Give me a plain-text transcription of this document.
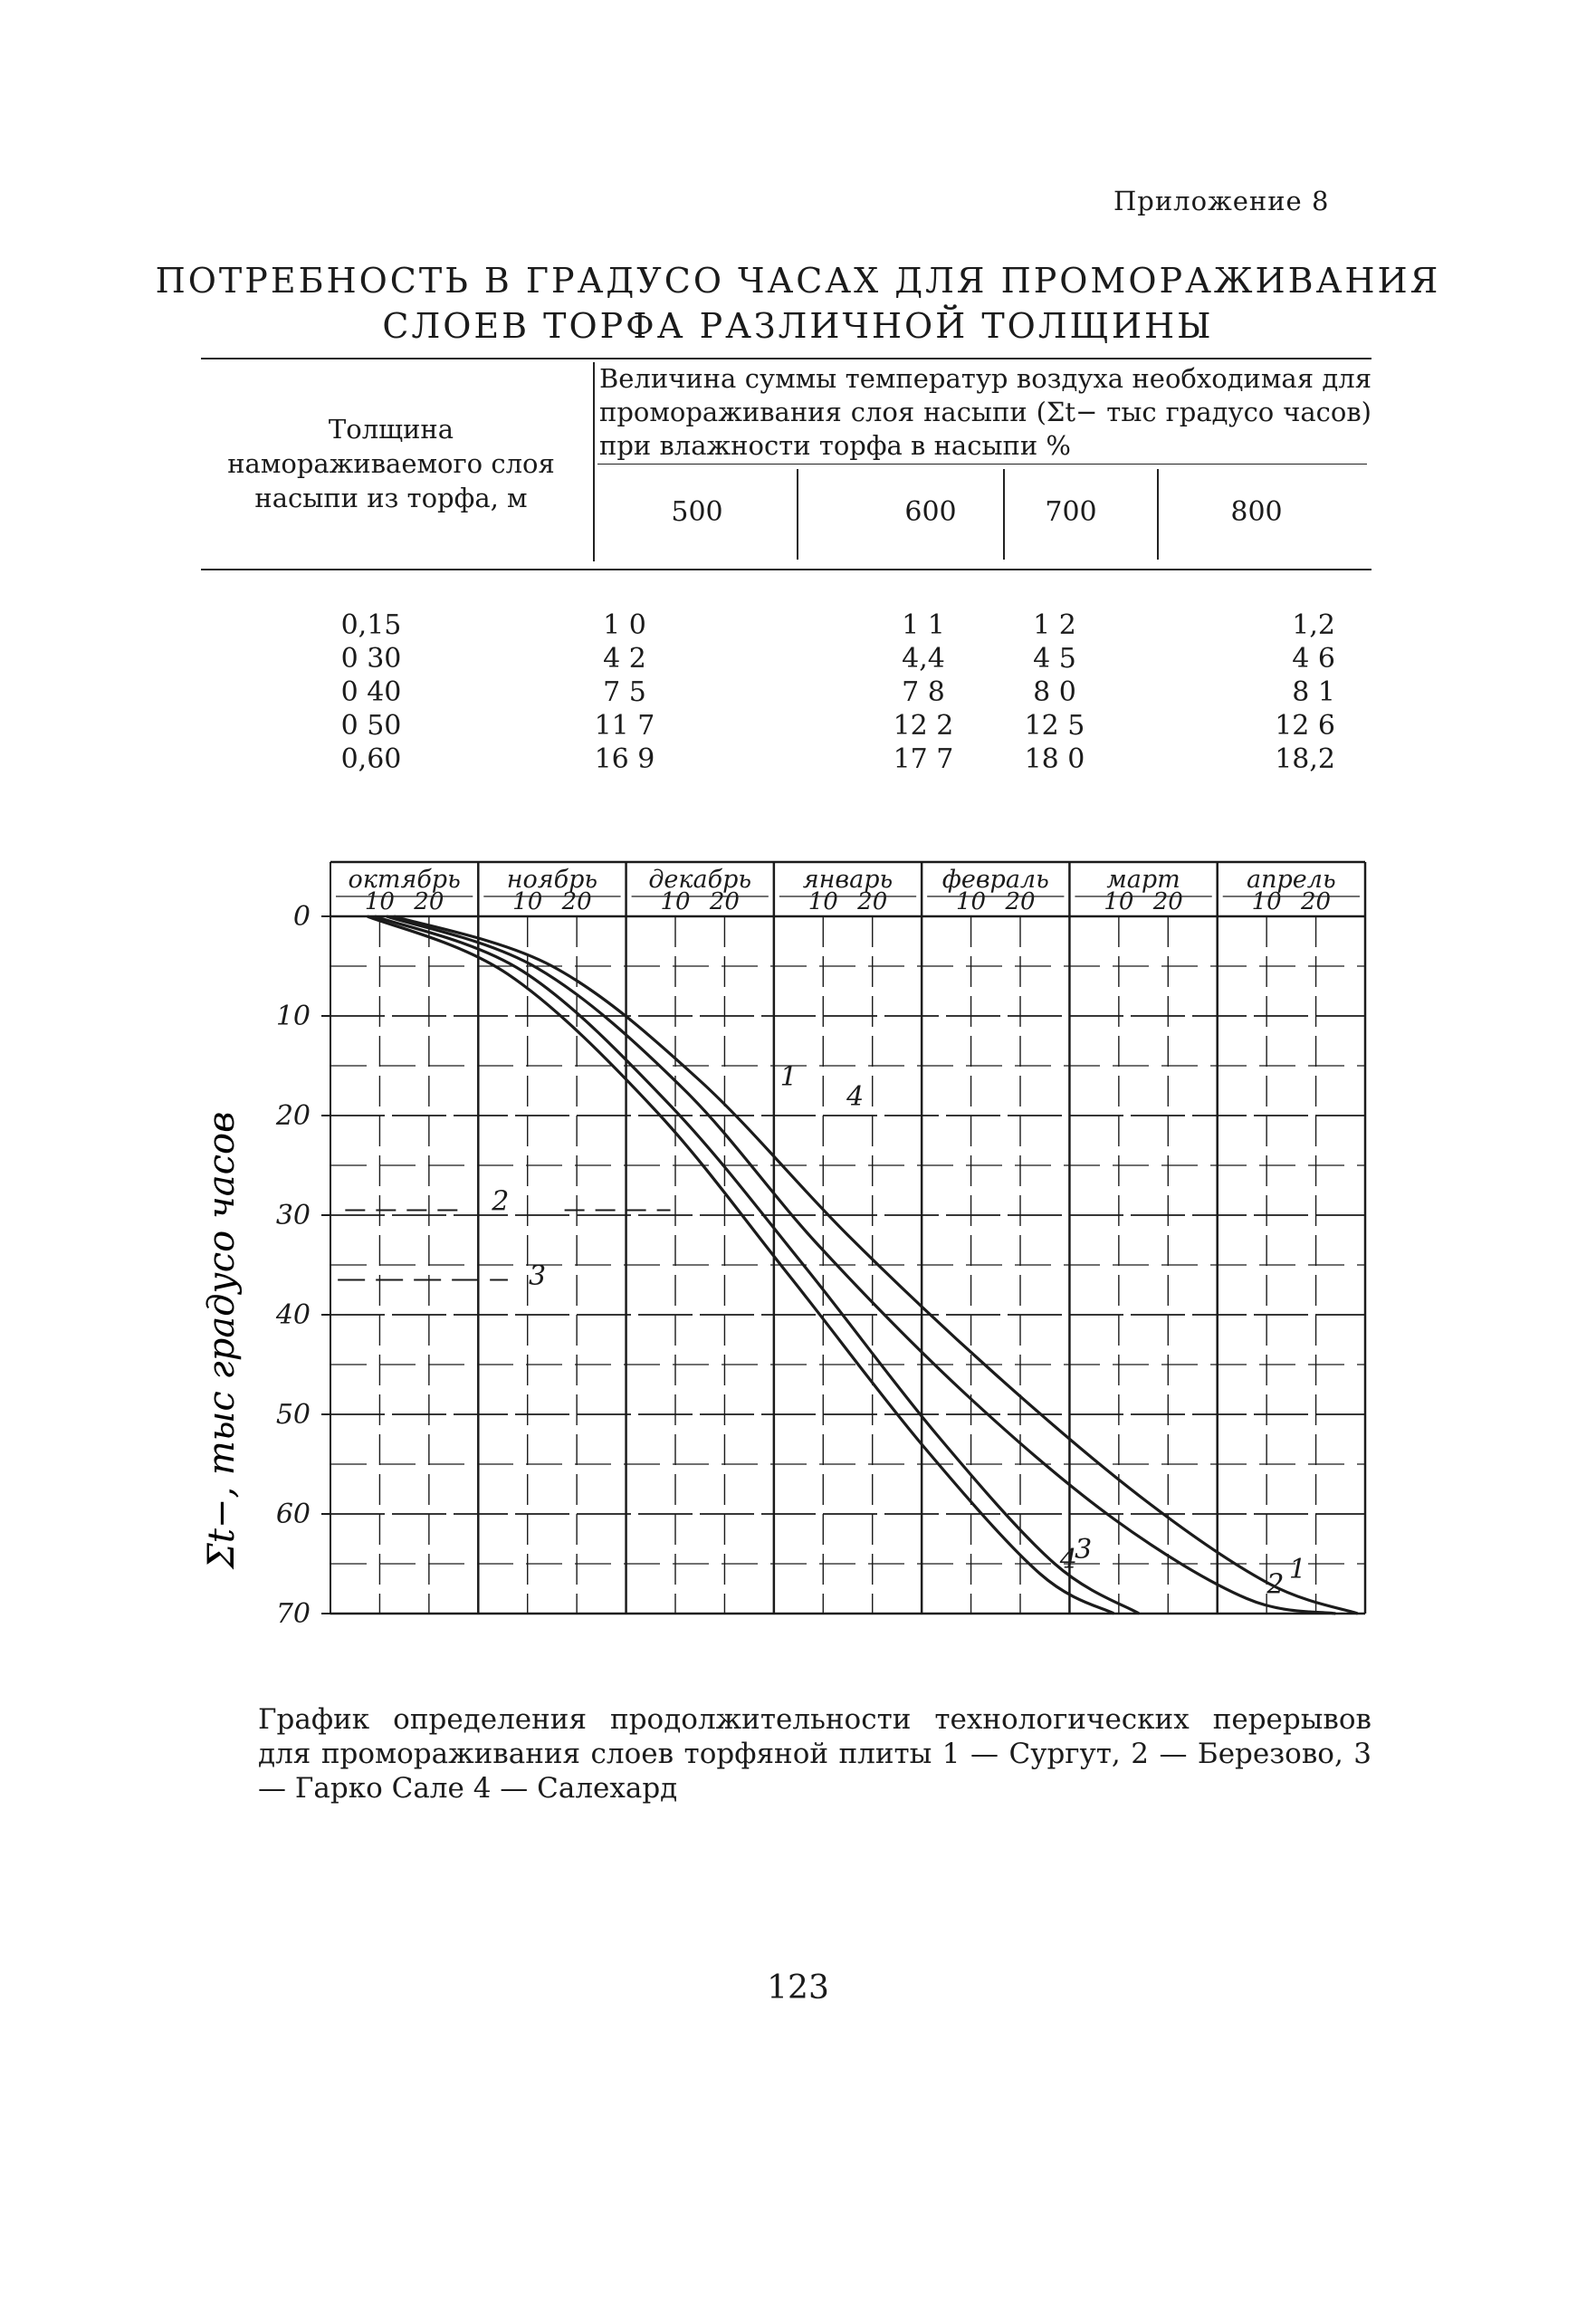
Приложение 8
ПОТРЕБНОСТЬ В ГРАДУСО ЧАСАХ ДЛЯ ПРОМОРАЖИВАНИЯ
СЛОЕВ ТОРФА РАЗЛИЧНОЙ ТОЛЩИНЫ
Толщина намораживаемого слоя насыпи из торфа, м
Величина суммы температур воздуха необходимая для промораживания слоя насыпи (Σt− тыс градусо часов) при влажности торфа в насыпи %
500	600	700	800
0,15	1 0	1 1	1 2	1,2
0 30	4 2	4,4	4 5	4 6
0 40	7 5	7 8	8 0	8 1
0 50	11 7	12 2	12 5	12 6
0,60	16 9	17 7	18 0	18,2
октябрь
10 20
ноябрь
10 20
декабрь
10 20
январь
10 20
февраль
10 20
март
10 20
апрель
10 20
0
10
20
30
40
50
60
70
1
2
3
4
1
4
2
3
Σt−, тыс градусо часов
График определения продолжительности технологических перерывов для промораживания слоев торфяной плиты 1 — Сургут, 2 — Березово, 3 — Гарко Сале 4 — Салехард
123
